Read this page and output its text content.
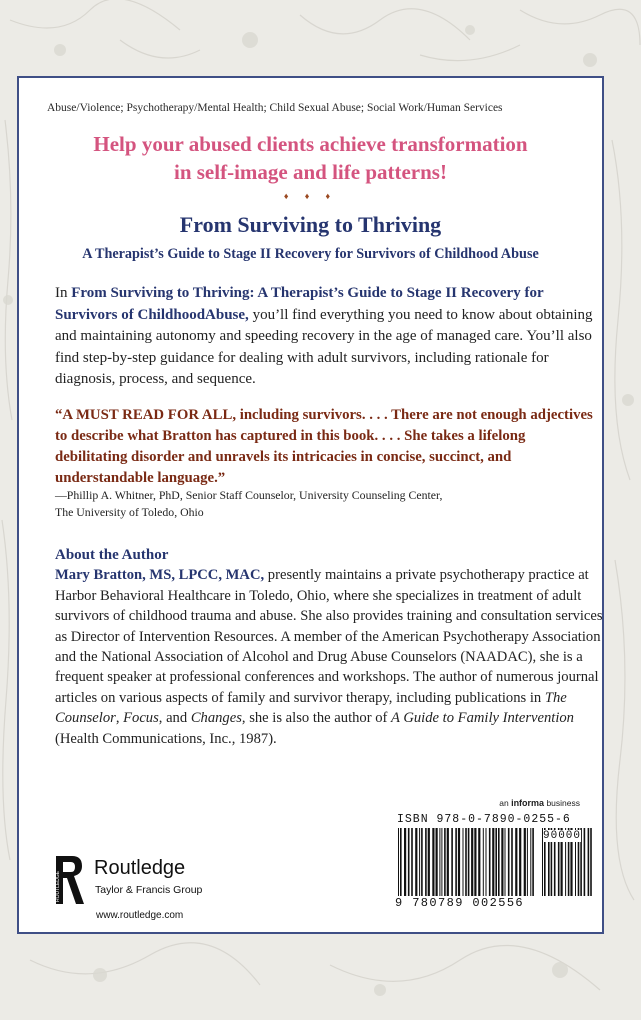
Abuse/Violence; Psychotherapy/Mental Health; Child Sexual Abuse; Social Work/Human Services
Help your abused clients achieve transformation
in self-image and life patterns!
♦ ♦ ♦
From Surviving to Thriving
A Therapist’s Guide to Stage II Recovery for Survivors of Childhood Abuse
In From Surviving to Thriving: A Therapist’s Guide to Stage II Recovery for Survivors of ChildhoodAbuse, you’ll find everything you need to know about obtaining and maintaining autonomy and speeding recovery in the age of managed care. You’ll also find step-by-step guidance for dealing with adult survivors, including rationale for diagnosis, process, and sequence.
“A MUST READ FOR ALL, including survivors. . . . There are not enough adjectives to describe what Bratton has captured in this book. . . . She takes a lifelong debilitating disorder and unravels its intricacies in concise, succinct, and understandable language.”
—Phillip A. Whitner, PhD, Senior Staff Counselor, University Counseling Center,
The University of Toledo, Ohio
About the Author
Mary Bratton, MS, LPCC, MAC, presently maintains a private psychotherapy practice at Harbor Behavioral Healthcare in Toledo, Ohio, where she specializes in treatment of adult survivors of childhood trauma and abuse. She also provides training and consultation services as Director of Intervention Resources. A member of the American Psychotherapy Association and the National Association of Alcohol and Drug Abuse Counselors (NAADAC), she is a frequent speaker at professional conferences and workshops. The author of numerous journal articles on various aspects of family and survivor therapy, including publications in The Counselor, Focus, and Changes, she is also the author of A Guide to Family Intervention (Health Communications, Inc., 1987).
an informa business
ISBN 978-0-7890-0255-6
90000
9 780789 002556
ROUTLEDGE
Routledge
Taylor & Francis Group
www.routledge.com
